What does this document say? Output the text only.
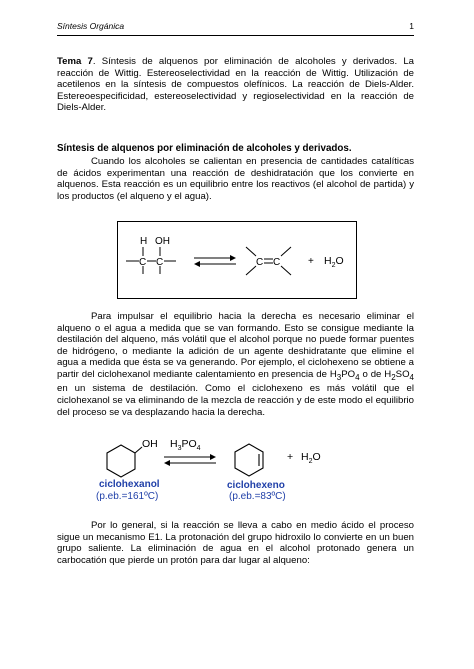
Síntesis Orgánica	1
Tema 7. Síntesis de alquenos por eliminación de alcoholes y derivados. La reacción de Wittig. Estereoselectividad en la reacción de Wittig. Utilización de acetilenos en la síntesis de compuestos olefínicos. La reacción de Diels-Alder. Estereoespecificidad, estereoselectividad y regioselectividad en la reacción de Diels-Alder.
Síntesis de alquenos por eliminación de alcoholes y derivados.
Cuando los alcoholes se calientan en presencia de cantidades catalíticas de ácidos experimentan una reacción de deshidratación que los convierte en alquenos. Esta reacción es un equilibrio entre los reactivos (el alcohol de partida) y los productos (el alqueno y el agua).
H OH
C C	C C	+ $H_2O$
Para impulsar el equilibrio hacia la derecha es necesario eliminar el alqueno o el agua a medida que se van formando. Esto se consigue mediante la destilación del alqueno, más volátil que el alcohol porque no puede formar puentes de hidrógeno, o mediante la adición de un agente deshidratante que elimine el agua a medida que ésta se va generando. Por ejemplo, el ciclohexeno se obtiene a partir del ciclohexanol mediante calentamiento en presencia de $H_3PO_4$ o de $H_2SO_4$ en un sistema de destilación. Como el ciclohexeno es más volátil que el ciclohexanol se va eliminando de la mezcla de reacción y de este modo el equilibrio del proceso se va desplazando hacia la derecha.
OH $H_3PO_4$
+ $H_2O$
ciclohexanol
(p.eb.=161ºC)
ciclohexeno
(p.eb.=83ºC)
Por lo general, si la reacción se lleva a cabo en medio ácido el proceso sigue un mecanismo E1. La protonación del grupo hidroxilo lo convierte en un buen grupo saliente. La eliminación de agua en el alcohol protonado genera un carbocatión que pierde un protón para dar lugar al alqueno:
